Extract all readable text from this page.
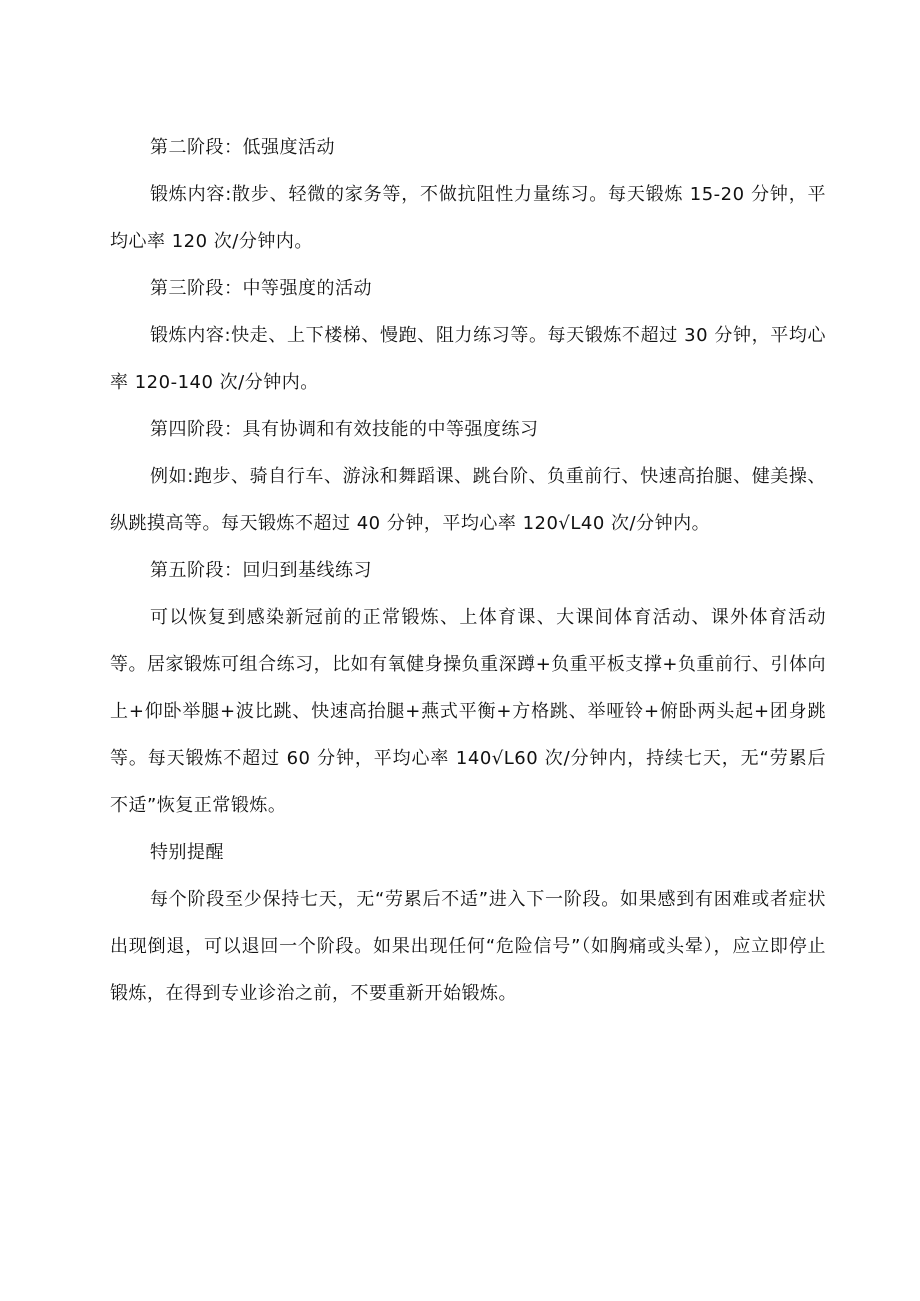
第二阶段：低强度活动

锻炼内容:散步、轻微的家务等，不做抗阻性力量练习。每天锻炼 15-20 分钟，平均心率 120 次/分钟内。

第三阶段：中等强度的活动

锻炼内容:快走、上下楼梯、慢跑、阻力练习等。每天锻炼不超过 30 分钟，平均心率 120-140 次/分钟内。

第四阶段：具有协调和有效技能的中等强度练习

例如:跑步、骑自行车、游泳和舞蹈课、跳台阶、负重前行、快速高抬腿、健美操、纵跳摸高等。每天锻炼不超过 40 分钟，平均心率 120√L40 次/分钟内。

第五阶段：回归到基线练习

可以恢复到感染新冠前的正常锻炼、上体育课、大课间体育活动、课外体育活动等。居家锻炼可组合练习，比如有氧健身操负重深蹲+负重平板支撑+负重前行、引体向上+仰卧举腿+波比跳、快速高抬腿+燕式平衡+方格跳、举哑铃+俯卧两头起+团身跳等。每天锻炼不超过 60 分钟，平均心率 140√L60 次/分钟内，持续七天，无“劳累后不适”恢复正常锻炼。

特别提醒

每个阶段至少保持七天，无“劳累后不适”进入下一阶段。如果感到有困难或者症状出现倒退，可以退回一个阶段。如果出现任何“危险信号”（如胸痛或头晕），应立即停止锻炼，在得到专业诊治之前，不要重新开始锻炼。
